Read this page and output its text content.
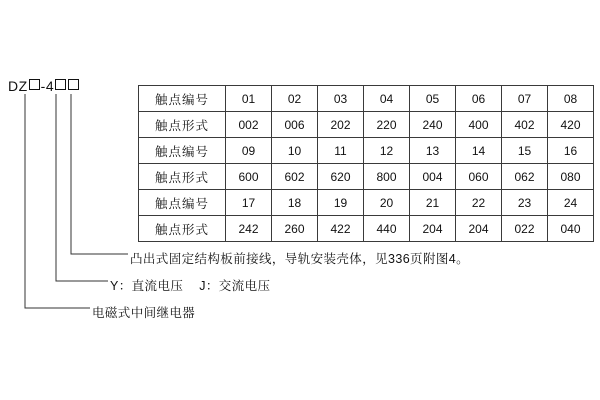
DZ -4
触点编号	01	02	03	04	05	06	07	08
触点形式	002	006	202	220	240	400	402	420
触点编号	09	10	11	12	13	14	15	16
触点形式	600	602	620	800	004	060	062	080
触点编号	17	18	19	20	21	22	23	24
触点形式	242	260	422	440	204	204	022	040
凸出式固定结构板前接线，导轨安装壳体，见336页附图4。
Y：直流电压 J：交流电压
电磁式中间继电器
